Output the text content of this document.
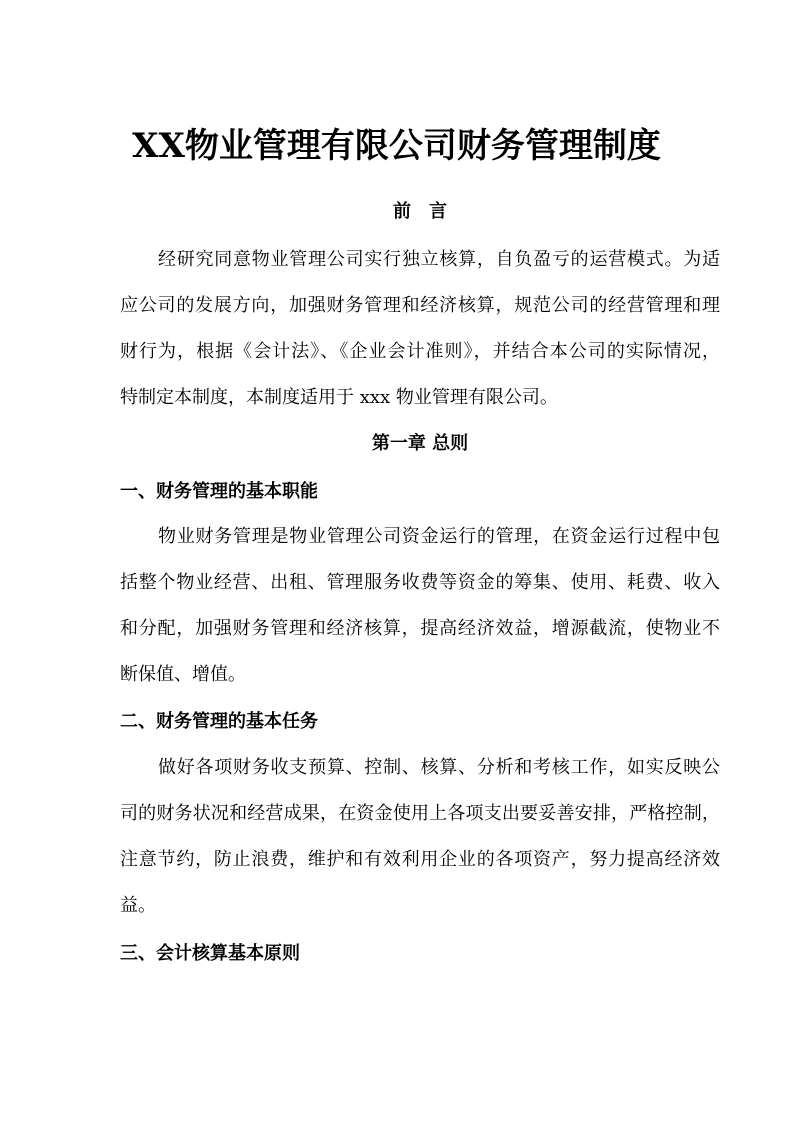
XX物业管理有限公司财务管理制度
前　言
经研究同意物业管理公司实行独立核算，自负盈亏的运营模式。为适
应公司的发展方向，加强财务管理和经济核算，规范公司的经营管理和理
财行为，根据《会计法》、《企业会计准则》，并结合本公司的实际情况，
特制定本制度，本制度适用于 xxx 物业管理有限公司。
第一章 总则
一、财务管理的基本职能
物业财务管理是物业管理公司资金运行的管理，在资金运行过程中包
括整个物业经营、出租、管理服务收费等资金的筹集、使用、耗费、收入
和分配，加强财务管理和经济核算，提高经济效益，增源截流，使物业不
断保值、增值。
二、财务管理的基本任务
做好各项财务收支预算、控制、核算、分析和考核工作，如实反映公
司的财务状况和经营成果，在资金使用上各项支出要妥善安排，严格控制，
注意节约，防止浪费，维护和有效利用企业的各项资产，努力提高经济效
益。
三、会计核算基本原则
